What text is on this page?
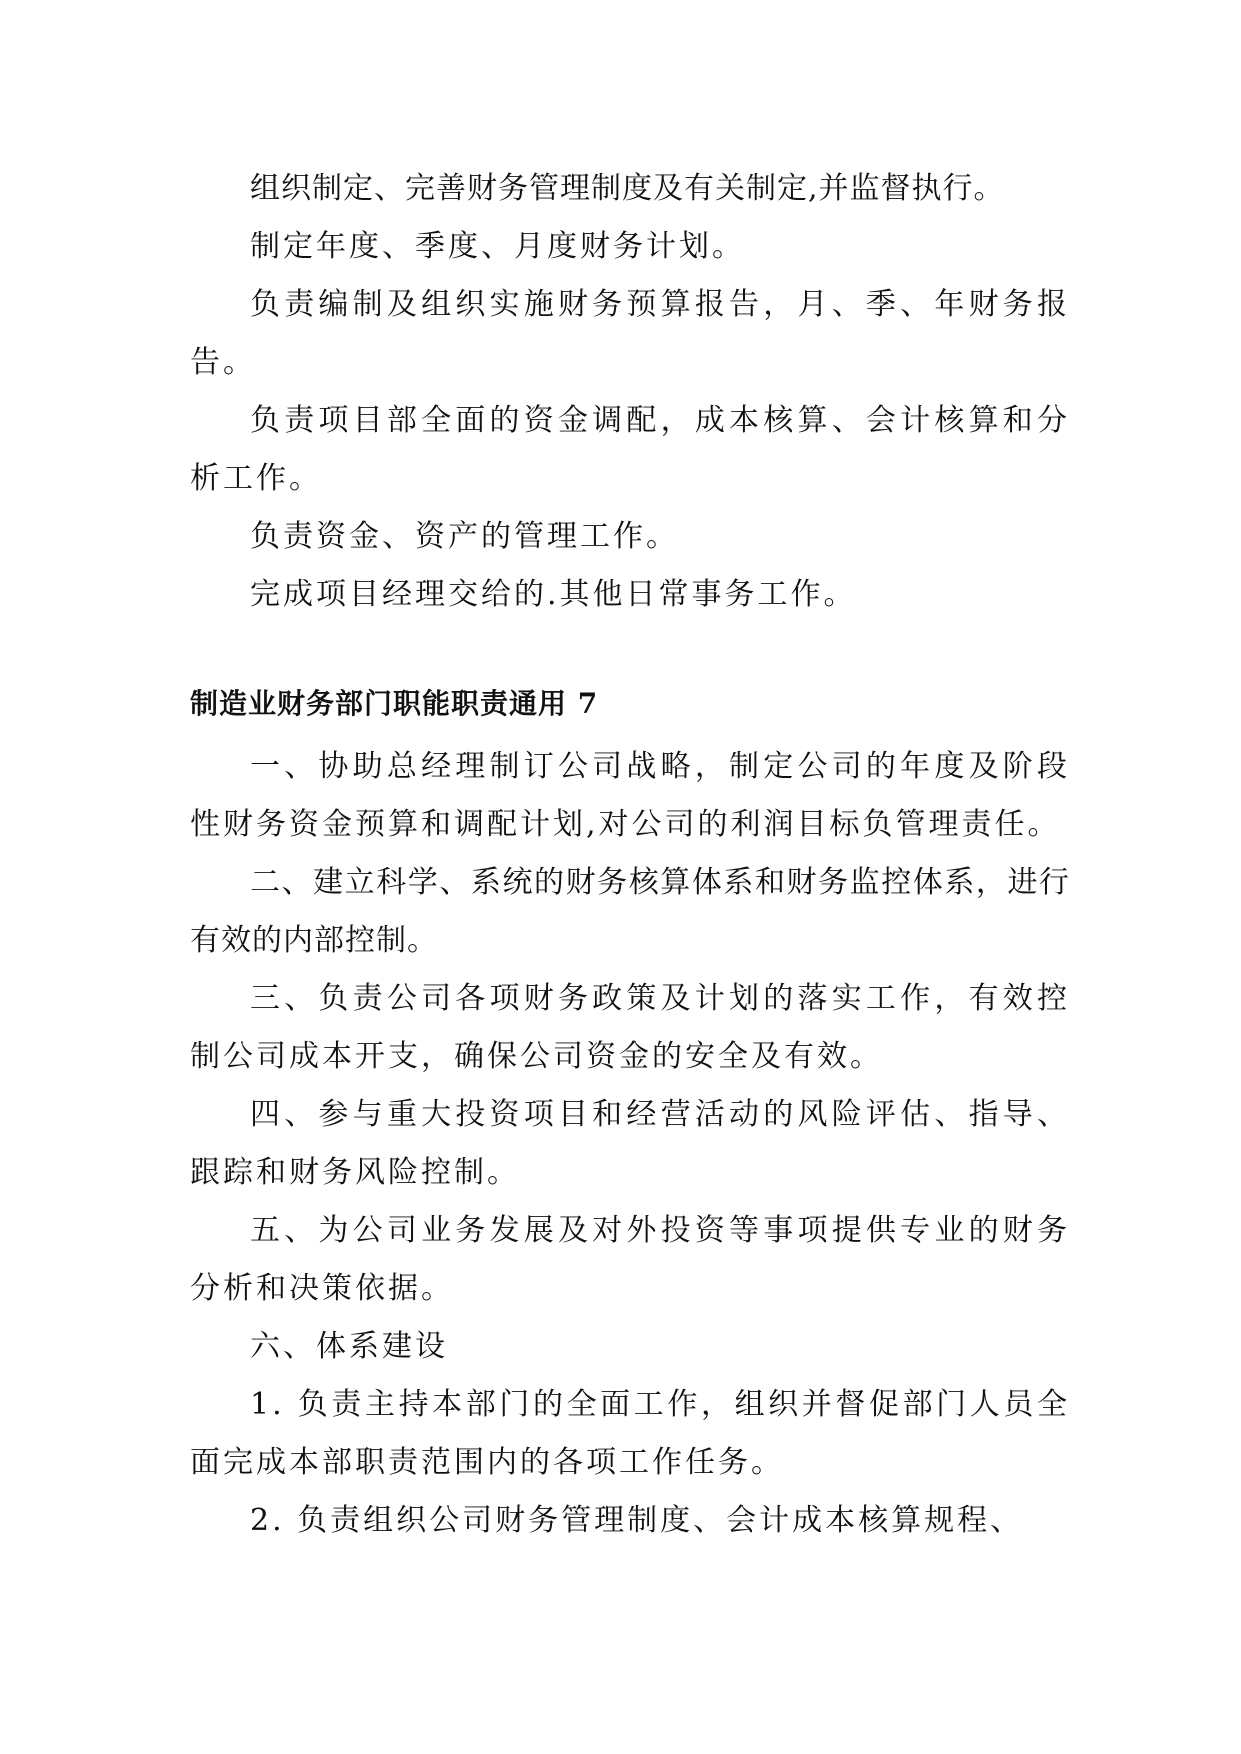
组织制定、完善财务管理制度及有关制定,并监督执行。

制定年度、季度、月度财务计划。

负责编制及组织实施财务预算报告，月、季、年财务报告。

负责项目部全面的资金调配，成本核算、会计核算和分析工作。

负责资金、资产的管理工作。

完成项目经理交给的.其他日常事务工作。

制造业财务部门职能职责通用 7

一、协助总经理制订公司战略，制定公司的年度及阶段性财务资金预算和调配计划,对公司的利润目标负管理责任。

二、建立科学、系统的财务核算体系和财务监控体系，进行有效的内部控制。

三、负责公司各项财务政策及计划的落实工作，有效控制公司成本开支，确保公司资金的安全及有效。

四、参与重大投资项目和经营活动的风险评估、指导、跟踪和财务风险控制。

五、为公司业务发展及对外投资等事项提供专业的财务分析和决策依据。

六、体系建设

1. 负责主持本部门的全面工作，组织并督促部门人员全面完成本部职责范围内的各项工作任务。

2. 负责组织公司财务管理制度、会计成本核算规程、
